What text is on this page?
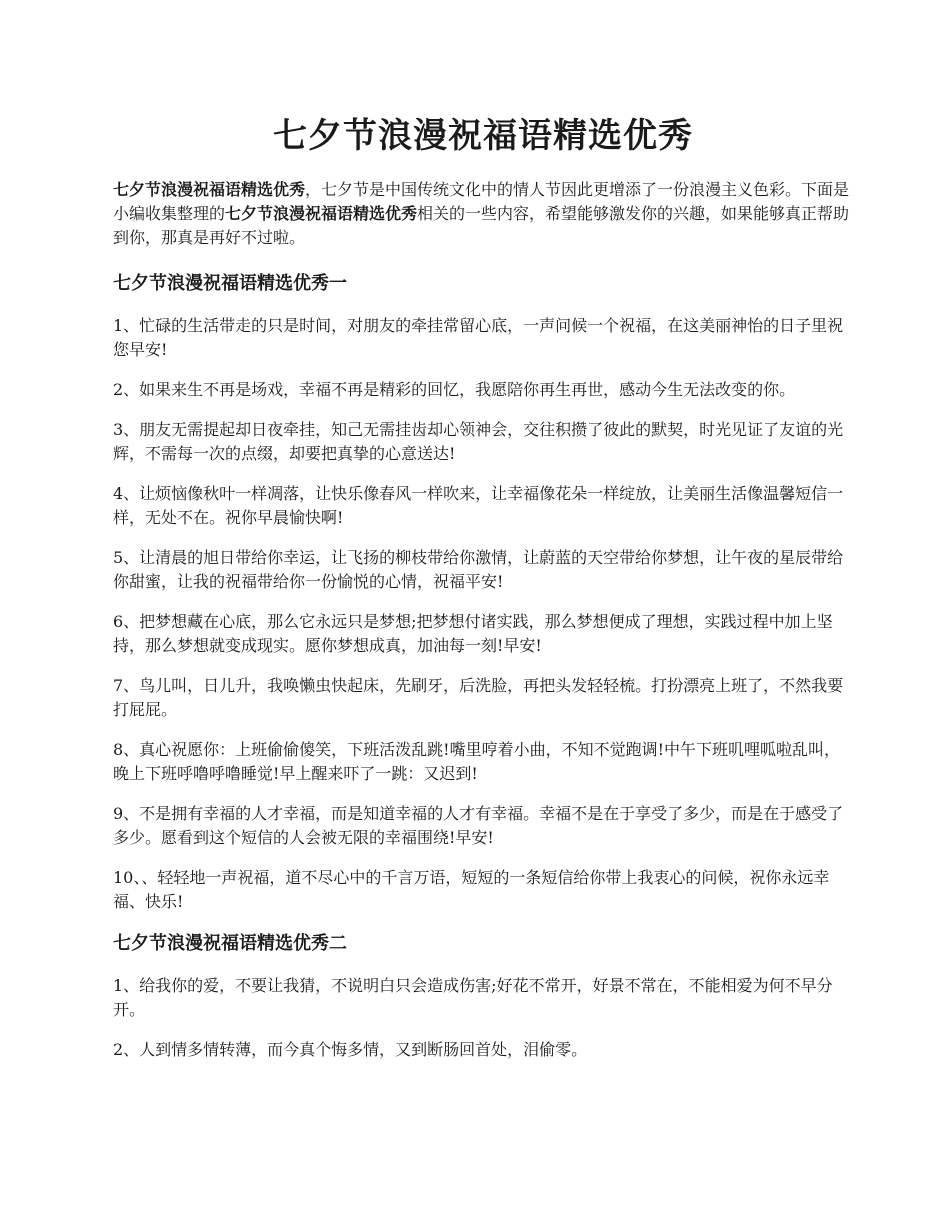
七夕节浪漫祝福语精选优秀

七夕节浪漫祝福语精选优秀，七夕节是中国传统文化中的情人节因此更增添了一份浪漫主义色彩。下面是小编收集整理的七夕节浪漫祝福语精选优秀相关的一些内容，希望能够激发你的兴趣，如果能够真正帮助到你，那真是再好不过啦。

七夕节浪漫祝福语精选优秀一

1、忙碌的生活带走的只是时间，对朋友的牵挂常留心底，一声问候一个祝福，在这美丽神怡的日子里祝您早安!

2、如果来生不再是场戏，幸福不再是精彩的回忆，我愿陪你再生再世，感动今生无法改变的你。

3、朋友无需提起却日夜牵挂，知己无需挂齿却心领神会，交往积攒了彼此的默契，时光见证了友谊的光辉，不需每一次的点缀，却要把真挚的心意送达!

4、让烦恼像秋叶一样凋落，让快乐像春风一样吹来，让幸福像花朵一样绽放，让美丽生活像温馨短信一样，无处不在。祝你早晨愉快啊!

5、让清晨的旭日带给你幸运，让飞扬的柳枝带给你激情，让蔚蓝的天空带给你梦想，让午夜的星辰带给你甜蜜，让我的祝福带给你一份愉悦的心情，祝福平安!

6、把梦想藏在心底，那么它永远只是梦想;把梦想付诸实践，那么梦想便成了理想，实践过程中加上坚持，那么梦想就变成现实。愿你梦想成真，加油每一刻!早安!

7、鸟儿叫，日儿升，我唤懒虫快起床，先刷牙，后洗脸，再把头发轻轻梳。打扮漂亮上班了，不然我要打屁屁。

8、真心祝愿你：上班偷偷傻笑，下班活泼乱跳!嘴里哼着小曲，不知不觉跑调!中午下班叽哩呱啦乱叫，晚上下班呼噜呼噜睡觉!早上醒来吓了一跳：又迟到!

9、不是拥有幸福的人才幸福，而是知道幸福的人才有幸福。幸福不是在于享受了多少，而是在于感受了多少。愿看到这个短信的人会被无限的幸福围绕!早安!

10、、轻轻地一声祝福，道不尽心中的千言万语，短短的一条短信给你带上我衷心的问候，祝你永远幸福、快乐!

七夕节浪漫祝福语精选优秀二

1、给我你的爱，不要让我猜，不说明白只会造成伤害;好花不常开，好景不常在，不能相爱为何不早分开。

2、人到情多情转薄，而今真个悔多情，又到断肠回首处，泪偷零。
